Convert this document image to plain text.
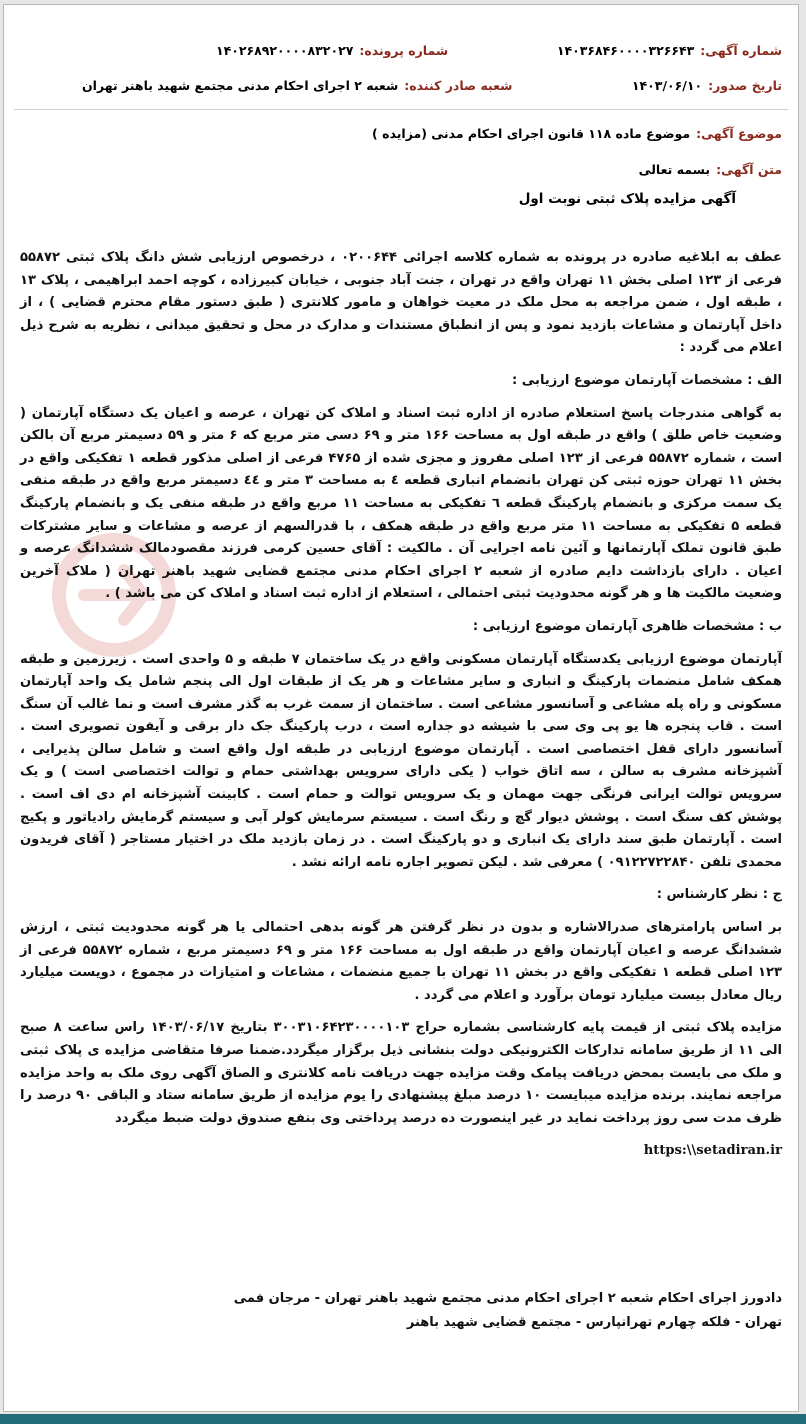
شماره آگهی:۱۴۰۳۶۸۴۶۰۰۰۰۳۲۶۶۴۳
شماره پرونده:۱۴۰۲۶۸۹۲۰۰۰۰۸۳۲۰۲۷
تاریخ صدور:۱۴۰۳/۰۶/۱۰
شعبه صادر کننده:شعبه ۲ اجرای احکام مدنی مجتمع شهید باهنر تهران
موضوع آگهی:موضوع ماده ۱۱۸ قانون اجرای احکام مدنی (مزایده )
متن آگهی:بسمه تعالی
آگهی مزایده پلاک ثبتی نوبت اول

عطف به ابلاغیه صادره در پرونده به شماره کلاسه اجرائی ۰۲۰۰۶۴۴ ، درخصوص ارزیابی شش دانگ پلاک ثبتی ۵۵۸۷۲ فرعی از ۱۲۳ اصلی بخش ۱۱ تهران واقع در تهران ، جنت آباد جنوبی ، خیابان کبیرزاده ، کوچه احمد ابراهیمی ، پلاک ۱۳ ، طبقه اول ، ضمن مراجعه به محل ملک در معیت خواهان و مامور کلانتری ( طبق دستور مقام محترم قضایی ) ، از داخل آپارتمان و مشاعات بازدید نمود و پس از انطباق مستندات و مدارک در محل و تحقیق میدانی ، نظریه به شرح ذیل اعلام می گردد :

الف : مشخصات آپارتمان موضوع ارزیابی :

به گواهی مندرجات پاسخ استعلام صادره از اداره ثبت اسناد و املاک کن تهران ، عرصه و اعیان یک دستگاه آپارتمان ( وضعیت خاص طلق ) واقع در طبقه اول به مساحت ۱۶۶ متر و ۶۹ دسی متر مربع که ۶ متر و ۵۹ دسیمتر مربع آن بالکن است ، شماره ۵۵۸۷۲ فرعی از ۱۲۳ اصلی مفروز و مجزی شده از ۴۷۶۵ فرعی از اصلی مذکور قطعه ۱ تفکیکی واقع در بخش ۱۱ تهران حوزه ثبتی کن تهران بانضمام انباری قطعه ٤ به مساحت ۳ متر و ٤٤ دسیمتر مربع واقع در طبقه منفی یک سمت مرکزی و بانضمام پارکینگ قطعه ٦ تفکیکی به مساحت ۱۱ مربع واقع در طبقه منفی یک و بانضمام پارکینگ قطعه ۵ تفکیکی به مساحت ۱۱ متر مربع واقع در طبقه همکف ، با قدرالسهم از عرصه و مشاعات و سایر مشترکات طبق قانون تملک آپارتمانها و آئین نامه اجرایی آن . مالکیت : آقای حسین کرمی فرزند مقصودمالک ششدانگ عرصه و اعیان . دارای بازداشت دایم صادره از شعبه ۲ اجرای احکام مدنی مجتمع قضایی شهید باهنر تهران ( ملاک آخرین وضعیت مالکیت ها و هر گونه محدودیت ثبتی احتمالی ، استعلام از اداره ثبت اسناد و املاک کن می باشد ) .

ب : مشخصات ظاهری آپارتمان موضوع ارزیابی :

آپارتمان موضوع ارزیابی یکدستگاه آپارتمان مسکونی واقع در یک ساختمان ۷ طبقه و ۵ واحدی است . زیرزمین و طبقه همکف شامل منضمات پارکینگ و انباری و سایر مشاعات و هر یک از طبقات اول الی پنجم شامل یک واحد آپارتمان مسکونی و راه پله مشاعی و آسانسور مشاعی است . ساختمان از سمت غرب به گذر مشرف است و نما غالب آن سنگ است . قاب پنجره ها یو پی وی سی با شیشه دو جداره است ، درب پارکینگ جک دار برقی و آیفون تصویری است . آسانسور دارای قفل اختصاصی است . آپارتمان موضوع ارزیابی در طبقه اول واقع است و شامل سالن پذیرایی ، آشپزخانه مشرف به سالن ، سه اتاق خواب ( یکی دارای سرویس بهداشتی حمام و توالت اختصاصی است ) و یک سرویس توالت ایرانی فرنگی جهت مهمان و یک سرویس توالت و حمام است . کابینت آشپزخانه ام دی اف است . پوشش کف سنگ است . پوشش دیوار گچ و رنگ است . سیستم سرمایش کولر آبی و سیستم گرمایش رادیاتور و پکیج است . آپارتمان طبق سند دارای یک انباری و دو پارکینگ است . در زمان بازدید ملک در اختیار مستاجر ( آقای فریدون محمدی تلفن ۰۹۱۲۲۷۲۲۸۴۰ ) معرفی شد . لیکن تصویر اجاره نامه ارائه نشد .

ج : نظر کارشناس :

بر اساس پارامترهای صدرالاشاره و بدون در نظر گرفتن هر گونه بدهی احتمالی یا هر گونه محدودیت ثبتی ، ارزش ششدانگ عرصه و اعیان آپارتمان واقع در طبقه اول به مساحت ۱۶۶ متر و ۶۹ دسیمتر مربع ، شماره ۵۵۸۷۲ فرعی از ۱۲۳ اصلی قطعه ۱ تفکیکی واقع در بخش ۱۱ تهران با جمیع منضمات ، مشاعات و امتیازات در مجموع ، دویست میلیارد ریال معادل بیست میلیارد تومان برآورد و اعلام می گردد .

مزایده پلاک ثبتی از قیمت پایه کارشناسی بشماره حراج ۳۰۰۳۱۰۶۴۲۳۰۰۰۰۱۰۳ بتاریخ ۱۴۰۳/۰۶/۱۷ راس ساعت ۸ صبح الی ۱۱ از طریق سامانه تدارکات الکترونیکی دولت بنشانی ذیل برگزار میگردد.ضمنا صرفا متقاضی مزایده ی پلاک ثبتی و ملک می بایست بمحض دریافت پیامک وقت مزایده جهت دریافت نامه کلانتری و الصاق آگهی روی ملک به واحد مزایده مراجعه نمایند. برنده مزایده میبایست ۱۰ درصد مبلغ پیشنهادی را یوم مزایده از طریق سامانه ستاد و الباقی ۹۰ درصد را ظرف مدت سی روز پرداخت نماید در غیر اینصورت ده درصد پرداختی وی بنفع صندوق دولت ضبط میگردد

https:\\setadiran.ir

دادورز اجرای احکام شعبه ۲ اجرای احکام مدنی مجتمع شهید باهنر تهران - مرجان فمی
تهران - فلکه چهارم تهرانپارس - مجتمع قضایی شهید باهنر
